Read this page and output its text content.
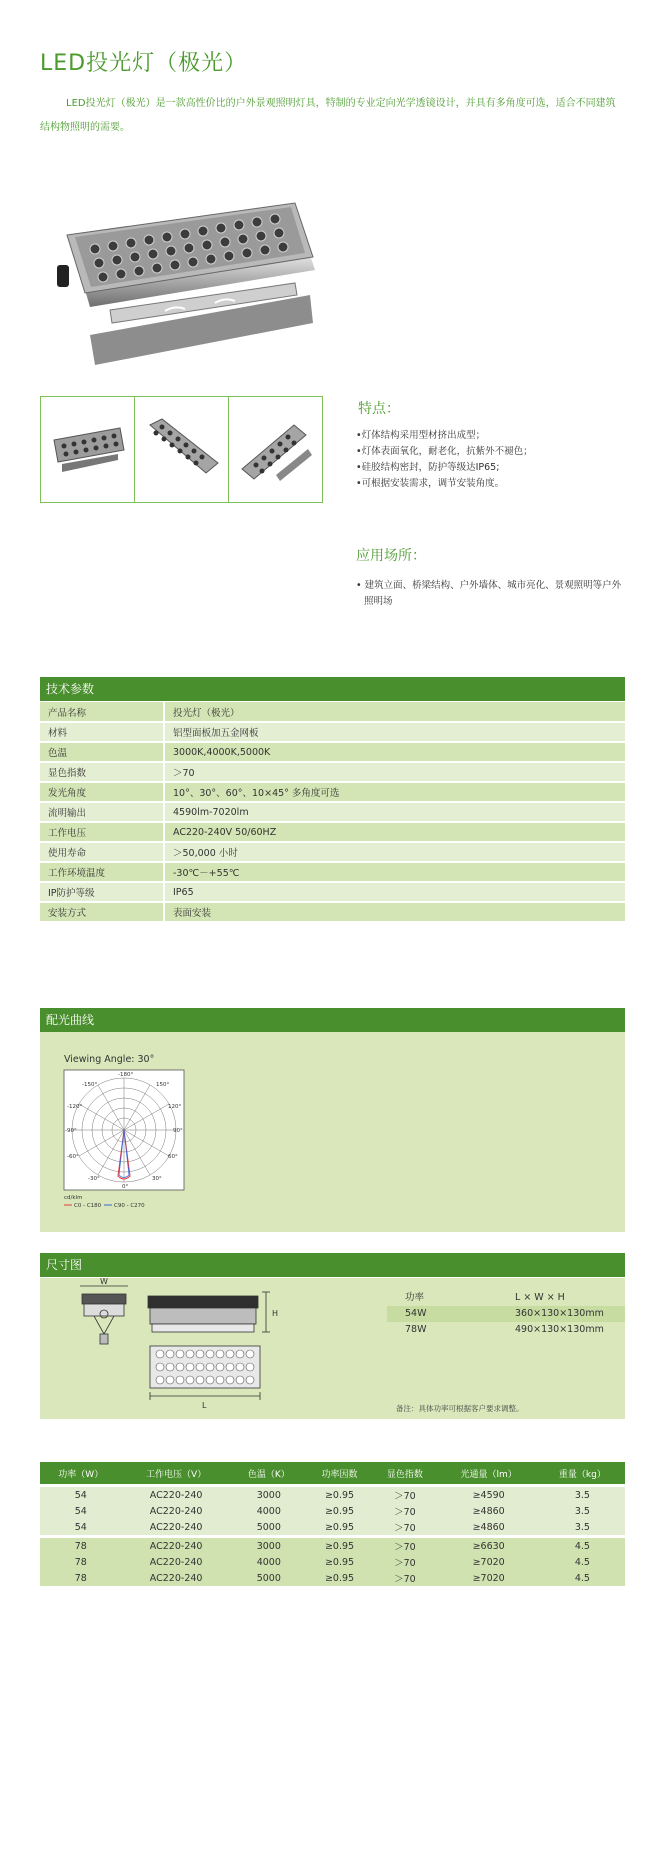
LED投光灯（极光）
LED投光灯（极光）是一款高性价比的户外景观照明灯具，特制的专业定向光学透镜设计，并具有多角度可选，适合不同建筑结构物照明的需要。
特点：
•灯体结构采用型材挤出成型；
•灯体表面氧化，耐老化，抗紫外不褪色；
•硅胶结构密封，防护等级达IP65;
•可根据安装需求，调节安装角度。
应用场所：
• 建筑立面、桥梁结构、户外墙体、城市亮化、景观照明等户外照明场
技术参数
产品名称	投光灯（极光）
材料	铝型面板加五金网板
色温	3000K,4000K,5000K
显色指数	＞70
发光角度	10°、30°、60°、10×45° 多角度可选
流明输出	4590lm-7020lm
工作电压	AC220-240V 50/60HZ
使用寿命	＞50,000 小时
工作环境温度	-30℃－+55℃
IP防护等级	IP65
安装方式	表面安装
配光曲线
Viewing Angle: 30°
-150°
-180°
150°
-120°	120°
-90°	90°
-60°	60°
-30°
0°
30°
cd/klm
C0 - C180 C90 - C270
尺寸图
W
H
L
功率	L × W × H
54W	360×130×130mm
78W	490×130×130mm
备注：具体功率可根据客户要求调整。
功率（W）	工作电压（V）	色温（K）	功率因数	显色指数	光通量（lm）	重量（kg）

54	AC220-240	3000	≥0.95	＞70	≥4590	3.5
54	AC220-240	4000	≥0.95	＞70	≥4860	3.5
54	AC220-240	5000	≥0.95	＞70	≥4860	3.5

78	AC220-240	3000	≥0.95	＞70	≥6630	4.5
78	AC220-240	4000	≥0.95	＞70	≥7020	4.5
78	AC220-240	5000	≥0.95	＞70	≥7020	4.5
